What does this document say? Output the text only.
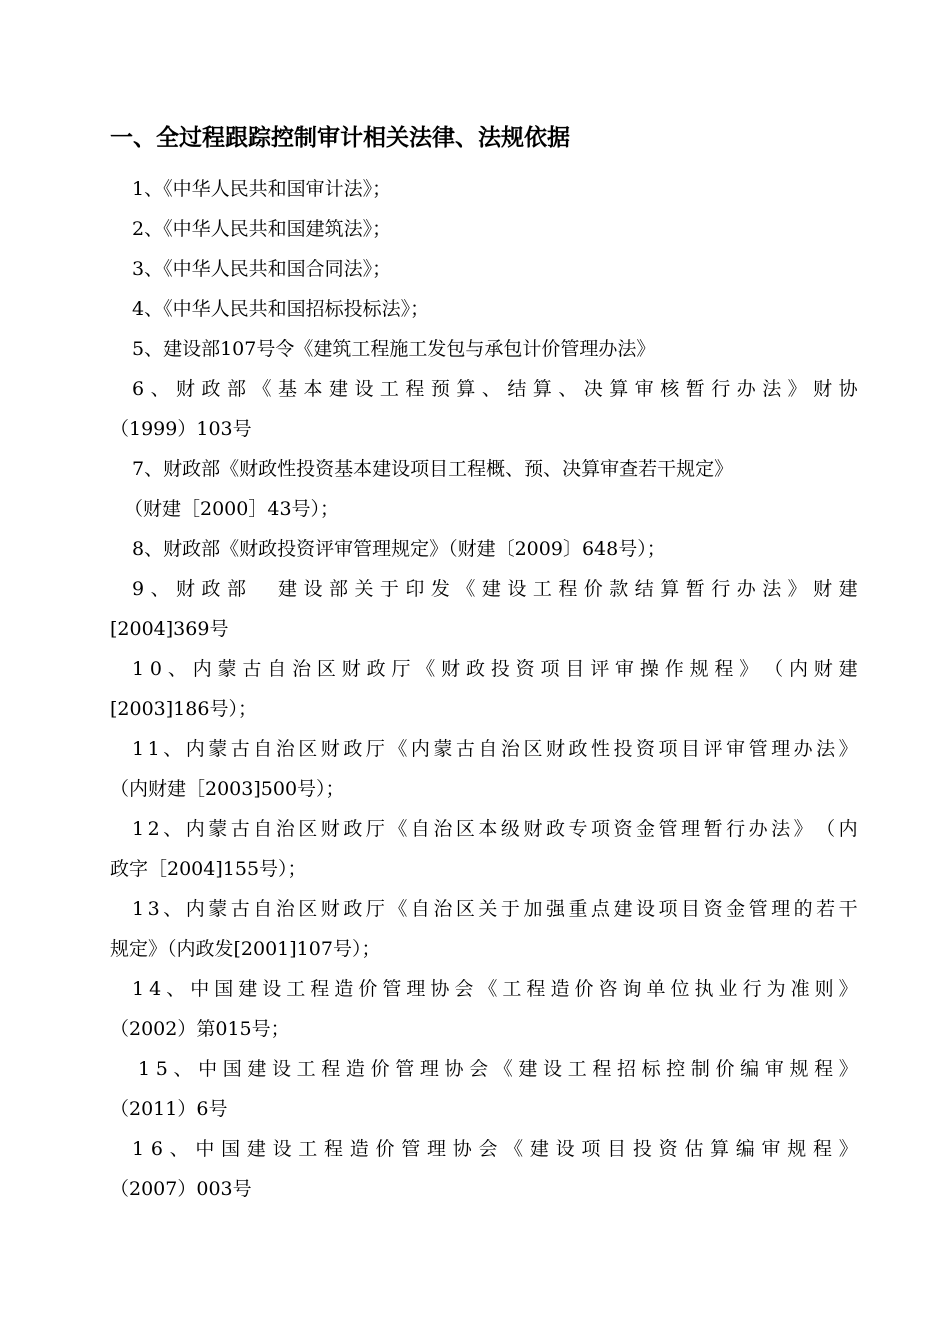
一、全过程跟踪控制审计相关法律、法规依据
1、《中华人民共和国审计法》；
2、《中华人民共和国建筑法》；
3、《中华人民共和国合同法》；
4、《中华人民共和国招标投标法》；
5、建设部107号令《建筑工程施工发包与承包计价管理办法》
6 、 财 政 部 《 基 本 建 设 工 程 预 算 、 结 算 、 决 算 审 核 暂 行 办 法 》 财 协
（1999）103号
7、财政部《财政性投资基本建设项目工程概、预、决算审查若干规定》
（财建［2000］43号）；
8、财政部《财政投资评审管理规定》（财建〔2009〕648号）；
9 、 财 政 部
　 建 设 部 关 于 印 发 《 建 设 工 程 价 款 结 算 暂 行 办 法 》 财 建
[2004]369号
1 0 、 内 蒙 古 自 治 区 财 政 厅 《 财 政 投 资 项 目 评 审 操 作 规 程 》 （ 内 财 建
[2003]186号）；
1 1 、 内 蒙 古 自 治 区 财 政 厅 《 内 蒙 古 自 治 区 财 政 性 投 资 项 目 评 审 管 理 办 法 》
（内财建［2003]500号）；
1 2 、 内 蒙 古 自 治 区 财 政 厅 《 自 治 区 本 级 财 政 专 项 资 金 管 理 暂 行 办 法 》 （ 内
政字［2004]155号）；
1 3 、 内 蒙 古 自 治 区 财 政 厅 《 自 治 区 关 于 加 强 重 点 建 设 项 目 资 金 管 理 的 若 干
规定》（内政发[2001]107号）；
1 4 、 中 国 建 设 工 程 造 价 管 理 协 会 《 工 程 造 价 咨 询 单 位 执 业 行 为 准 则 》
（2002）第015号；
1 5 、 中 国 建 设 工 程 造 价 管 理 协 会 《 建 设 工 程 招 标 控 制 价 编 审 规 程 》
（2011）6号
1 6 、 中 国 建 设 工 程 造 价 管 理 协 会 《 建 设 项 目 投 资 估 算 编 审 规 程 》
（2007）003号
